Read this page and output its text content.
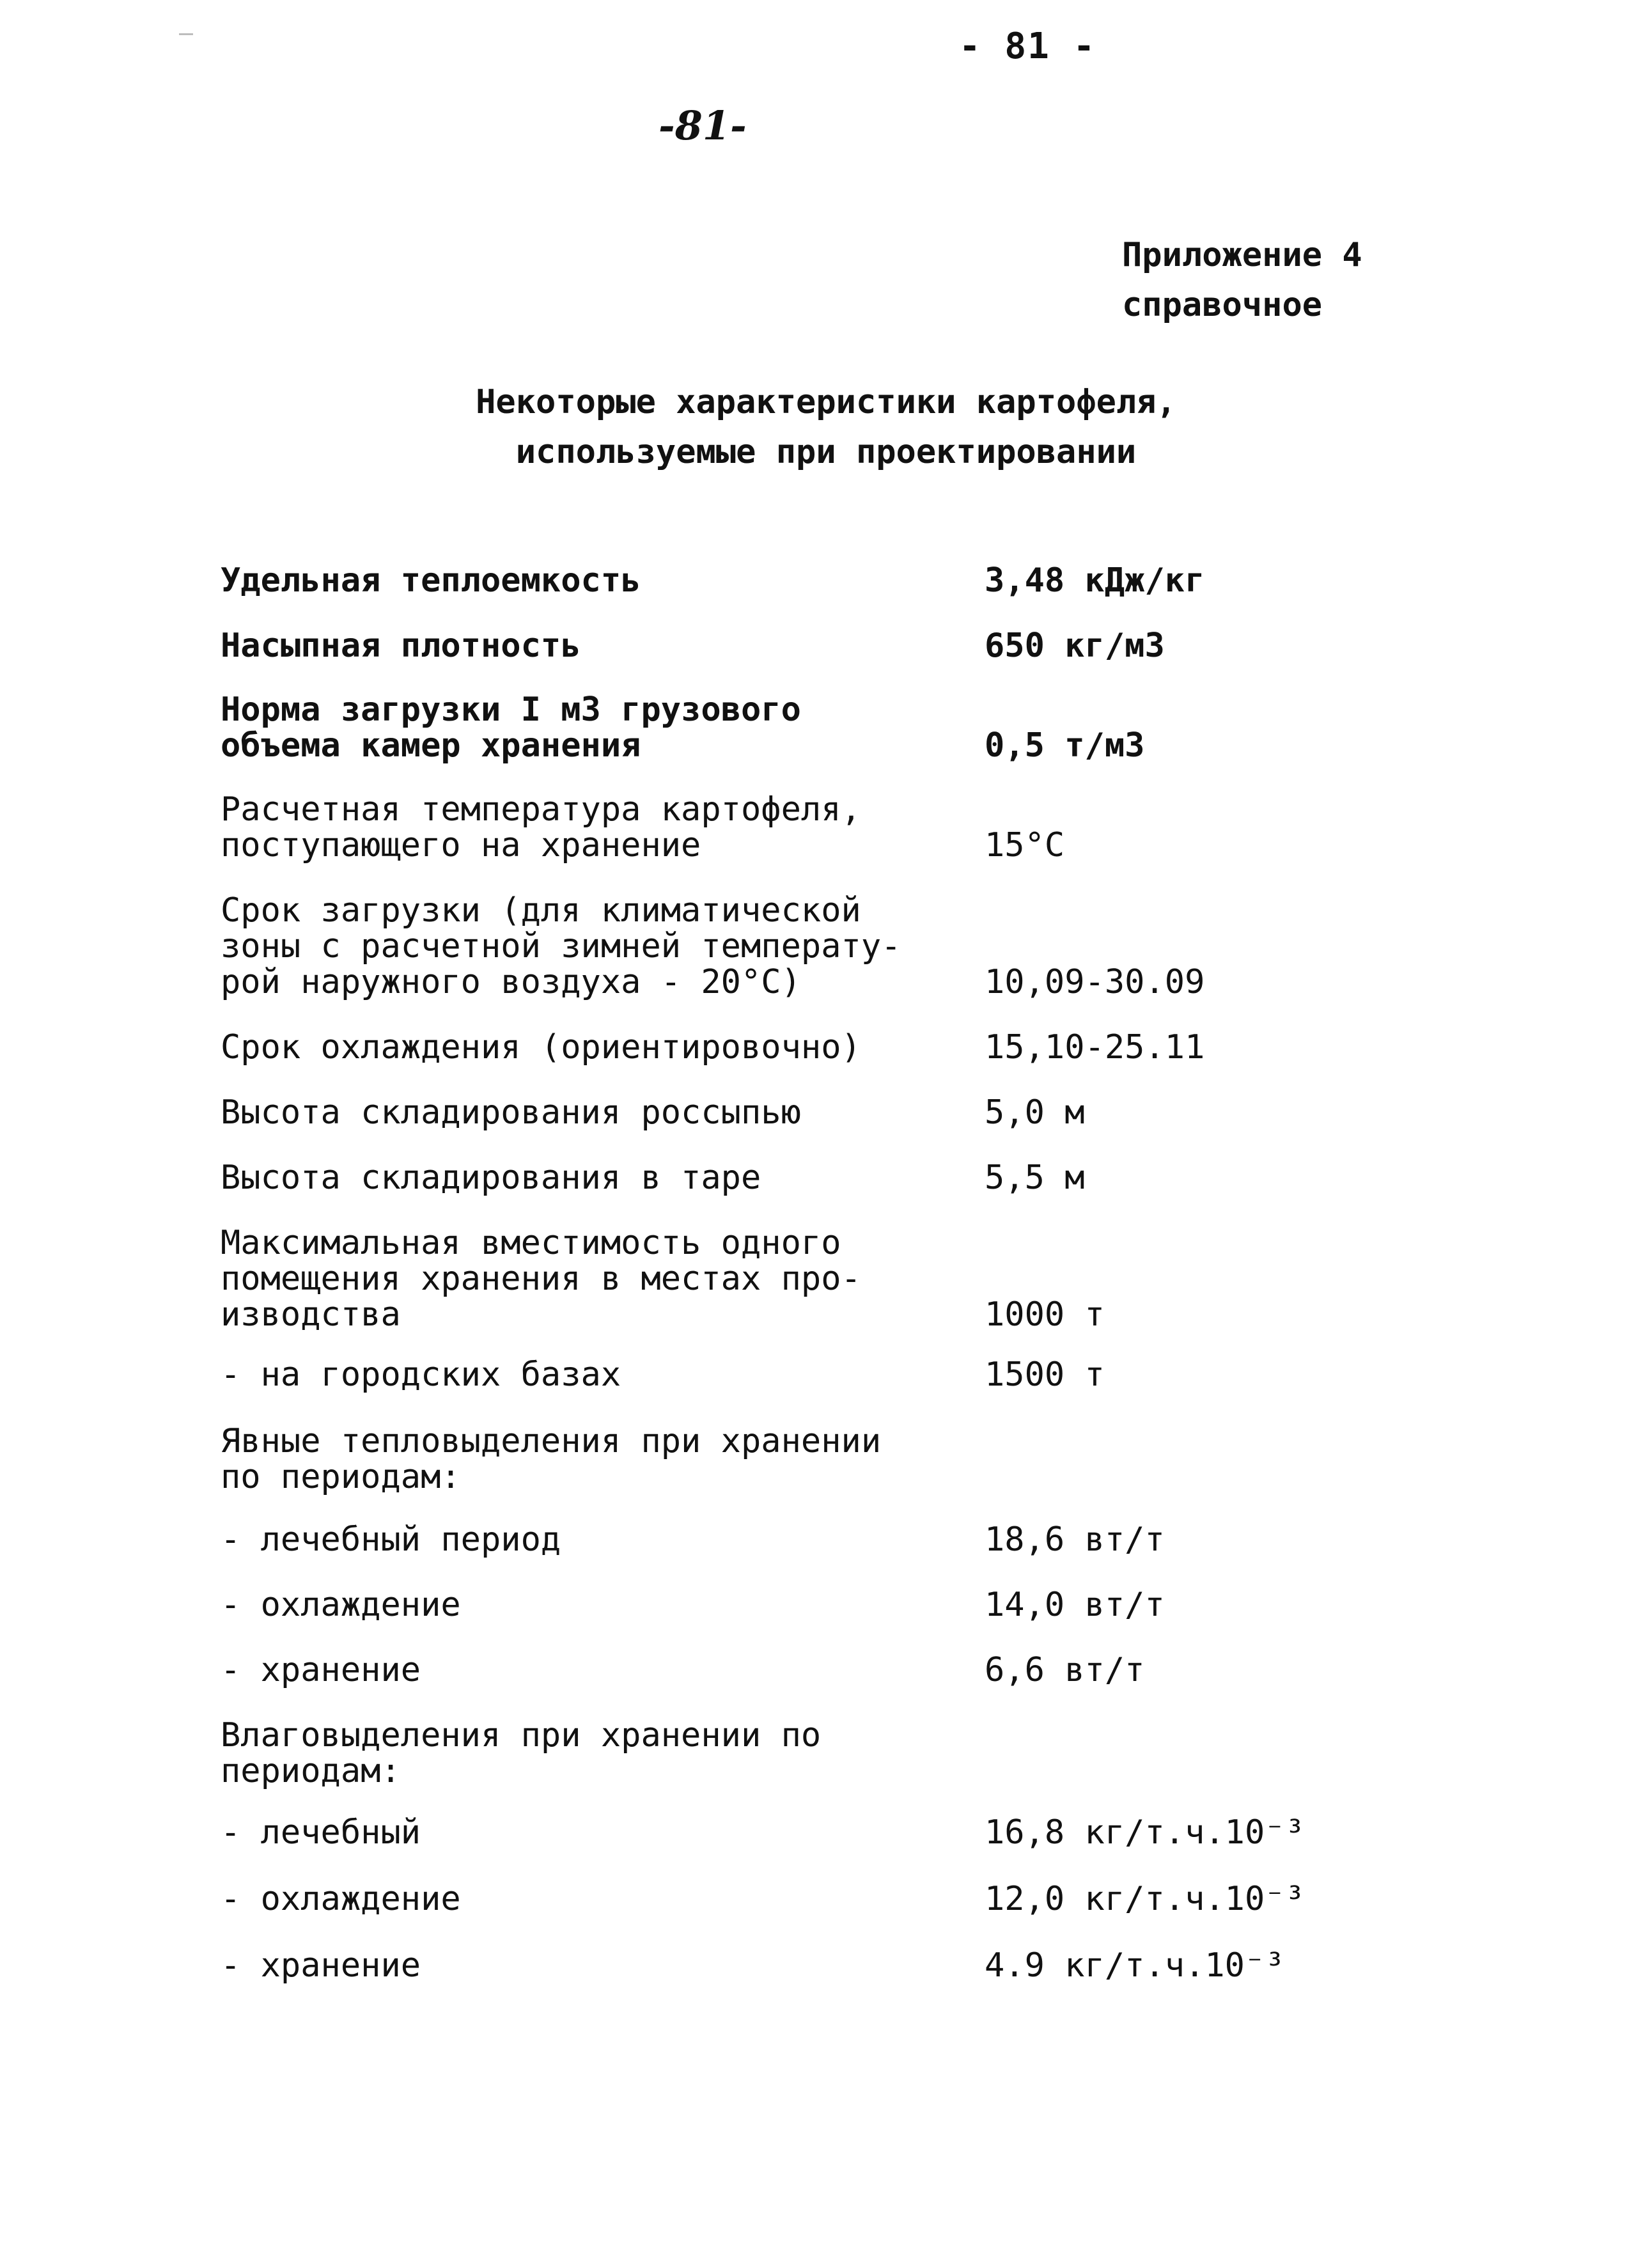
- 81 -
-81-
Приложение 4
справочное
Некоторые характеристики картофеля,
используемые при проектировании
Удельная теплоемкость	3,48 кДж/кг
Насыпная плотность	650 кг/м3
Норма загрузки I м3 грузового
объема камер хранения	0,5 т/м3
Расчетная температура картофеля,
поступающего на хранение	15°С
Срок загрузки (для климатической
зоны с расчетной зимней температу-
рой наружного воздуха - 20°С)	10,09-30.09
Срок охлаждения (ориентировочно)	15,10-25.11
Высота складирования россыпью	5,0 м
Высота складирования в таре	5,5 м
Максимальная вместимость одного
помещения хранения в местах про-
изводства	1000 т
- на городских базах	1500 т
Явные тепловыделения при хранении
по периодам:
- лечебный период	18,6 вт/т
- охлаждение	14,0 вт/т
- хранение	6,6 вт/т
Влаговыделения при хранении по
периодам:
- лечебный	16,8 кг/т.ч.10⁻³
- охлаждение	12,0 кг/т.ч.10⁻³
- хранение	4.9 кг/т.ч.10⁻³
